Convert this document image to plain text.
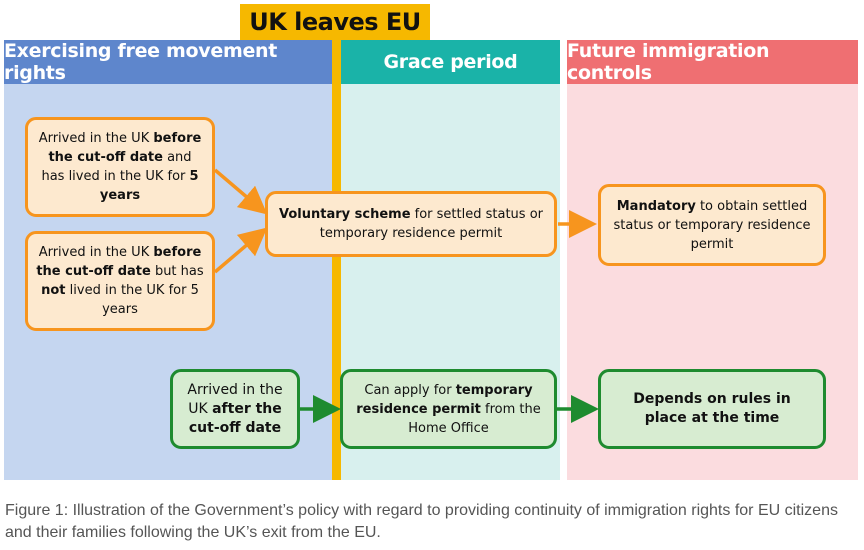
Exercising free movement rights	Grace period	Future immigration controls
UK leaves EU
Arrived in the UK before the cut-off date and has lived in the UK for 5 years
Arrived in the UK before the cut-off date but has not lived in the UK for 5 years
Voluntary scheme for settled status or temporary residence permit
Mandatory to obtain settled status or temporary residence permit
Arrived in the UK after the cut-off date
Can apply for temporary residence permit from the Home Office
Depends on rules in place at the time
Figure 1: Illustration of the Government’s policy with regard to providing continuity of immigration rights for EU citizens and their families following the UK’s exit from the EU.
